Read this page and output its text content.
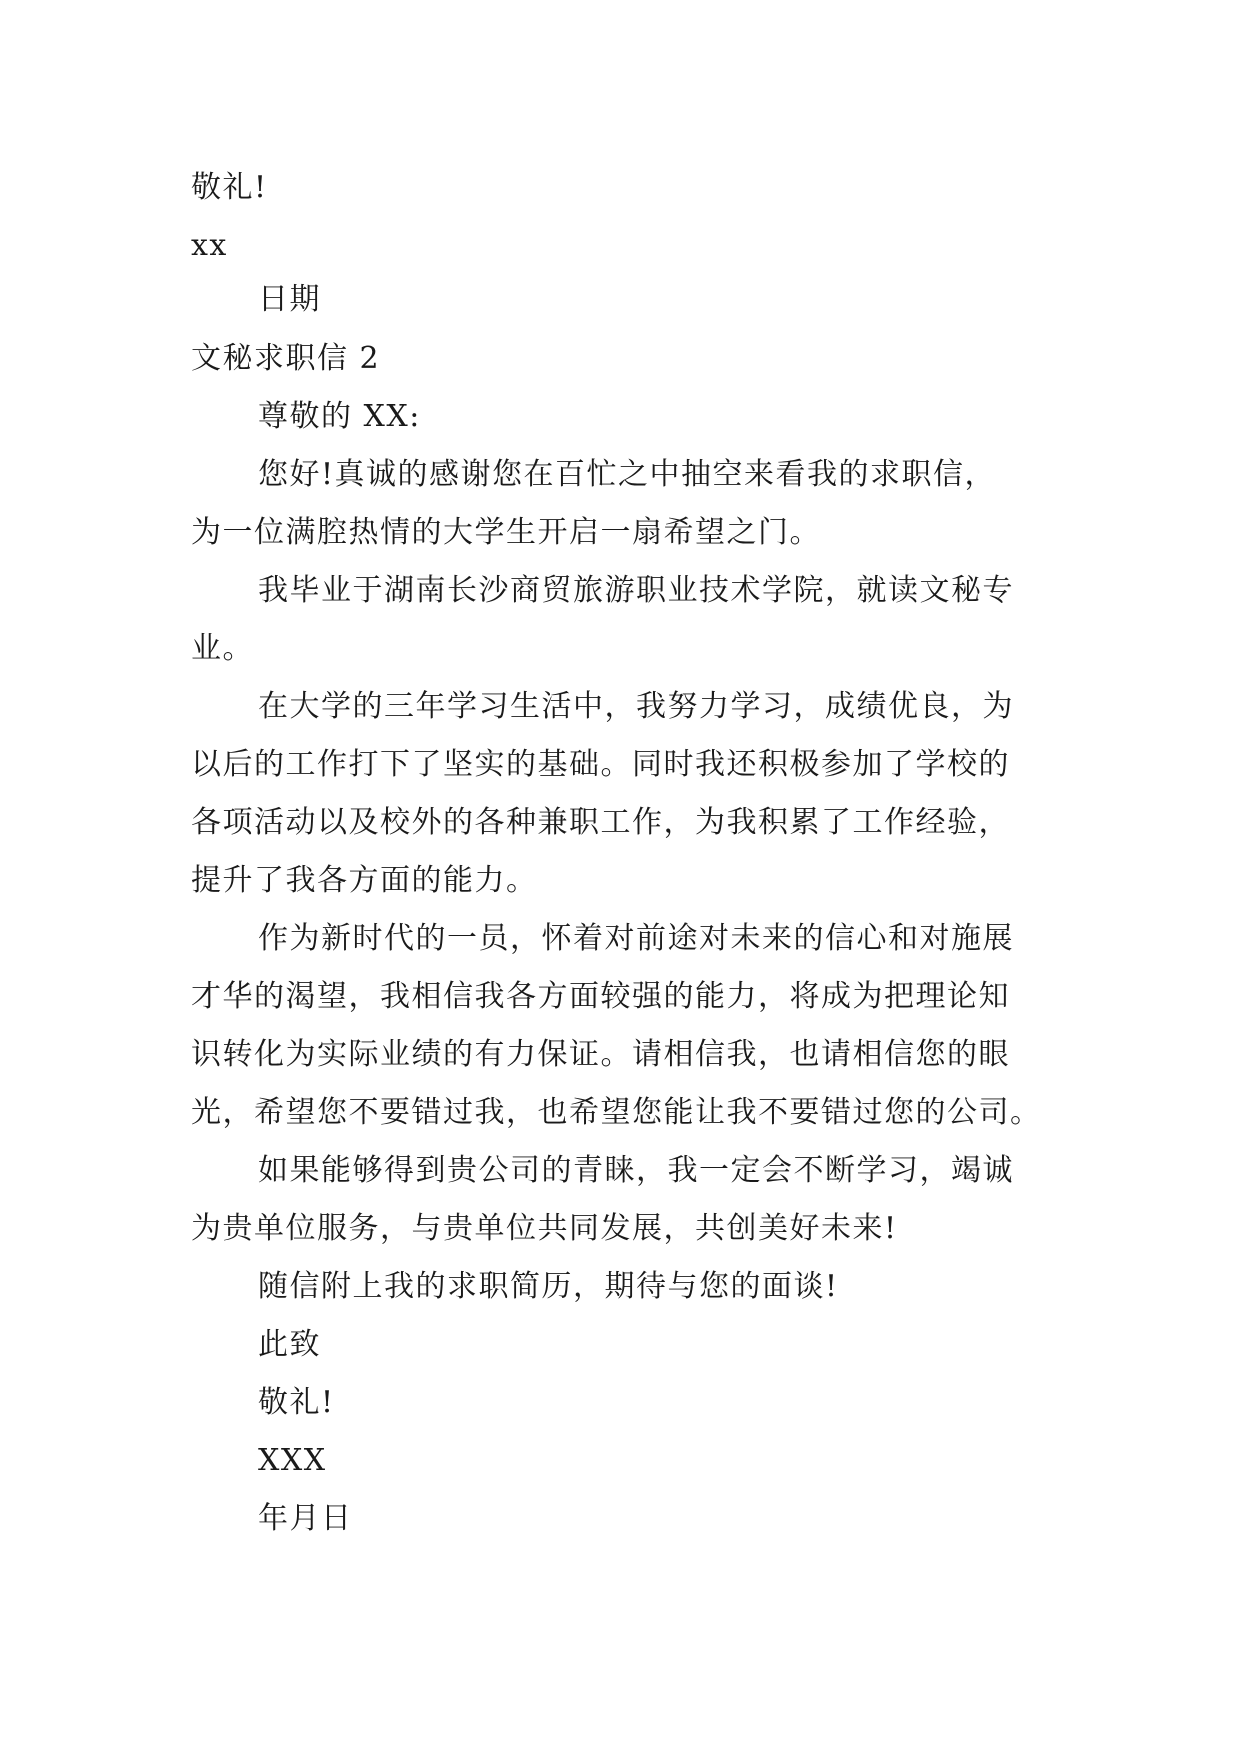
敬礼!
xx
日期
文秘求职信 2
尊敬的 XX:
您好!真诚的感谢您在百忙之中抽空来看我的求职信，
为一位满腔热情的大学生开启一扇希望之门。
我毕业于湖南长沙商贸旅游职业技术学院，就读文秘专
业。
在大学的三年学习生活中，我努力学习，成绩优良，为
以后的工作打下了坚实的基础。同时我还积极参加了学校的
各项活动以及校外的各种兼职工作，为我积累了工作经验，
提升了我各方面的能力。
作为新时代的一员，怀着对前途对未来的信心和对施展
才华的渴望，我相信我各方面较强的能力，将成为把理论知
识转化为实际业绩的有力保证。请相信我，也请相信您的眼
光，希望您不要错过我，也希望您能让我不要错过您的公司。
如果能够得到贵公司的青睐，我一定会不断学习，竭诚
为贵单位服务，与贵单位共同发展，共创美好未来!
随信附上我的求职简历，期待与您的面谈!
此致
敬礼!
XXX
年月日
